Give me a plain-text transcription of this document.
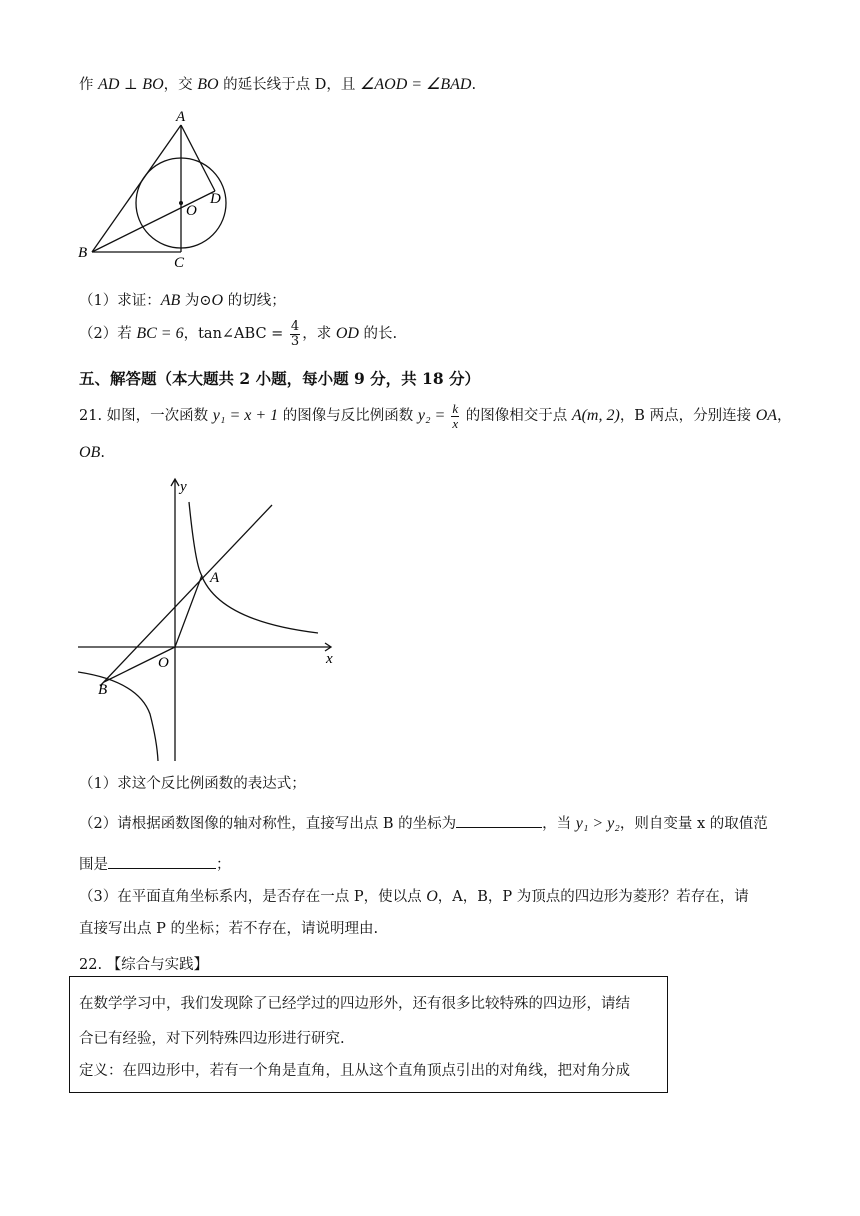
作 AD ⊥ BO，交 BO 的延长线于点 D，且 ∠AOD = ∠BAD.
A
B
C
D
O
（1）求证：AB 为⊙O 的切线；
（2）若 BC = 6，tan∠ABC = $\frac{4}{3}$ ，求 OD 的长.
五、解答题（本大题共 2 小题，每小题 9 分，共 18 分）
21. 如图，一次函数 y₁ = x + 1 的图像与反比例函数 $y_2 = \frac{k}{x}$ 的图像相交于点 A(m, 2)，B 两点，分别连接 OA，
OB.
y
x
O
A
B
（1）求这个反比例函数的表达式；
（2）请根据函数图像的轴对称性，直接写出点 B 的坐标为	，当 y₁ > y₂，则自变量 x 的取值范
围是	；
（3）在平面直角坐标系内，是否存在一点 P，使以点 O，A，B，P 为顶点的四边形为菱形？若存在，请
直接写出点 P 的坐标；若不存在，请说明理由.
22. 【综合与实践】
在数学学习中，我们发现除了已经学过的四边形外，还有很多比较特殊的四边形，请结
合已有经验，对下列特殊四边形进行研究.
定义：在四边形中，若有一个角是直角，且从这个直角顶点引出的对角线，把对角分成
